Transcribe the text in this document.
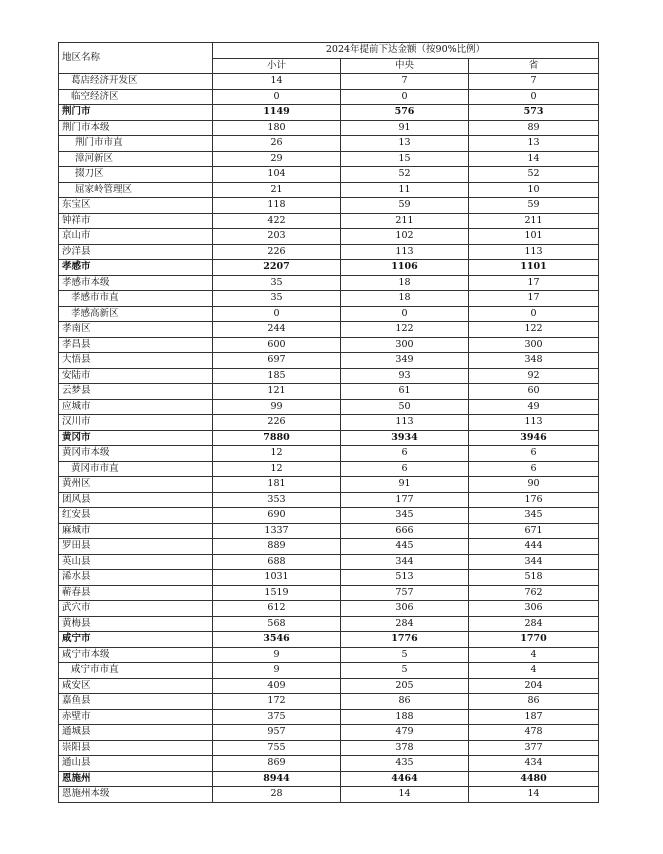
地区名称	2024年提前下达金额（按90%比例）		
	小计	中央	省
葛店经济开发区	14	7	7
临空经济区	0	0	0
荆门市	1149	576	573
荆门市本级	180	91	89
荆门市市直	26	13	13
漳河新区	29	15	14
掇刀区	104	52	52
屈家岭管理区	21	11	10
东宝区	118	59	59
钟祥市	422	211	211
京山市	203	102	101
沙洋县	226	113	113
孝感市	2207	1106	1101
孝感市本级	35	18	17
孝感市市直	35	18	17
孝感高新区	0	0	0
孝南区	244	122	122
孝昌县	600	300	300
大悟县	697	349	348
安陆市	185	93	92
云梦县	121	61	60
应城市	99	50	49
汉川市	226	113	113
黄冈市	7880	3934	3946
黄冈市本级	12	6	6
黄冈市市直	12	6	6
黄州区	181	91	90
团风县	353	177	176
红安县	690	345	345
麻城市	1337	666	671
罗田县	889	445	444
英山县	688	344	344
浠水县	1031	513	518
蕲春县	1519	757	762
武穴市	612	306	306
黄梅县	568	284	284
咸宁市	3546	1776	1770
咸宁市本级	9	5	4
咸宁市市直	9	5	4
咸安区	409	205	204
嘉鱼县	172	86	86
赤壁市	375	188	187
通城县	957	479	478
崇阳县	755	378	377
通山县	869	435	434
恩施州	8944	4464	4480
恩施州本级	28	14	14
